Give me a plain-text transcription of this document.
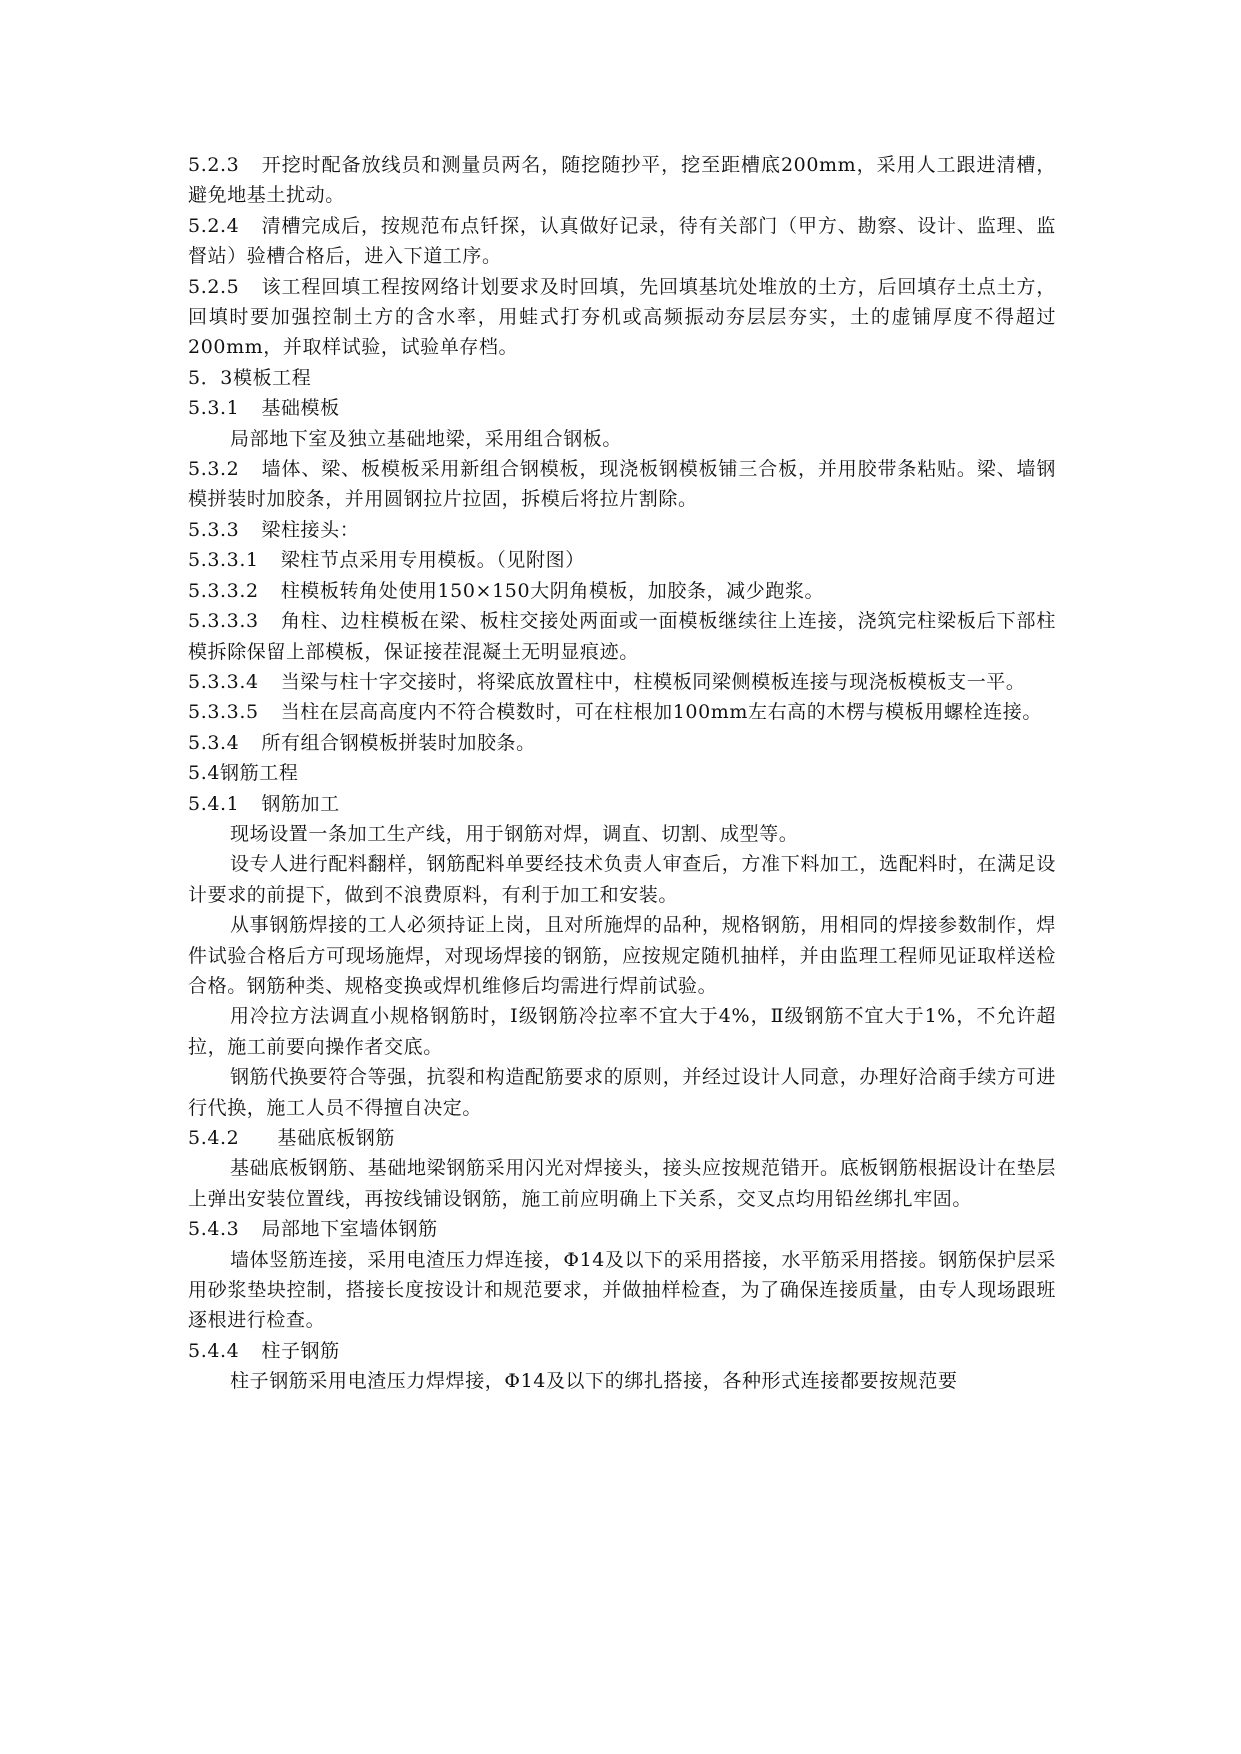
5.2.3 开挖时配备放线员和测量员两名，随挖随抄平，挖至距槽底200mm，采用人工跟进清槽，避免地基土扰动。

5.2.4 清槽完成后，按规范布点钎探，认真做好记录，待有关部门（甲方、勘察、设计、监理、监督站）验槽合格后，进入下道工序。

5.2.5 该工程回填工程按网络计划要求及时回填，先回填基坑处堆放的土方，后回填存土点土方，回填时要加强控制土方的含水率，用蛙式打夯机或高频振动夯层层夯实，土的虚铺厚度不得超过200mm，并取样试验，试验单存档。

5．3模板工程

5.3.1 基础模板

局部地下室及独立基础地梁，采用组合钢板。

5.3.2 墙体、梁、板模板采用新组合钢模板，现浇板钢模板铺三合板，并用胶带条粘贴。梁、墙钢模拼装时加胶条，并用圆钢拉片拉固，拆模后将拉片割除。

5.3.3 梁柱接头：

5.3.3.1 梁柱节点采用专用模板。（见附图）

5.3.3.2 柱模板转角处使用150×150大阴角模板，加胶条，减少跑浆。

5.3.3.3 角柱、边柱模板在梁、板柱交接处两面或一面模板继续往上连接，浇筑完柱梁板后下部柱模拆除保留上部模板，保证接茬混凝土无明显痕迹。

5.3.3.4 当梁与柱十字交接时，将梁底放置柱中，柱模板同梁侧模板连接与现浇板模板支一平。

5.3.3.5 当柱在层高高度内不符合模数时，可在柱根加100mm左右高的木楞与模板用螺栓连接。

5.3.4 所有组合钢模板拼装时加胶条。

5.4钢筋工程

5.4.1 钢筋加工

现场设置一条加工生产线，用于钢筋对焊，调直、切割、成型等。

设专人进行配料翻样，钢筋配料单要经技术负责人审查后，方准下料加工，选配料时，在满足设计要求的前提下，做到不浪费原料，有利于加工和安装。

从事钢筋焊接的工人必须持证上岗，且对所施焊的品种，规格钢筋，用相同的焊接参数制作，焊件试验合格后方可现场施焊，对现场焊接的钢筋，应按规定随机抽样，并由监理工程师见证取样送检合格。钢筋种类、规格变换或焊机维修后均需进行焊前试验。

用冷拉方法调直小规格钢筋时，I级钢筋冷拉率不宜大于4%，Ⅱ级钢筋不宜大于1%，不允许超拉，施工前要向操作者交底。

钢筋代换要符合等强，抗裂和构造配筋要求的原则，并经过设计人同意，办理好洽商手续方可进行代换，施工人员不得擅自决定。

5.4.2 基础底板钢筋

基础底板钢筋、基础地梁钢筋采用闪光对焊接头，接头应按规范错开。底板钢筋根据设计在垫层上弹出安装位置线，再按线铺设钢筋，施工前应明确上下关系，交叉点均用铅丝绑扎牢固。

5.4.3 局部地下室墙体钢筋

墙体竖筋连接，采用电渣压力焊连接，Φ14及以下的采用搭接，水平筋采用搭接。钢筋保护层采用砂浆垫块控制，搭接长度按设计和规范要求，并做抽样检查，为了确保连接质量，由专人现场跟班逐根进行检查。

5.4.4 柱子钢筋

柱子钢筋采用电渣压力焊焊接，Φ14及以下的绑扎搭接，各种形式连接都要按规范要
